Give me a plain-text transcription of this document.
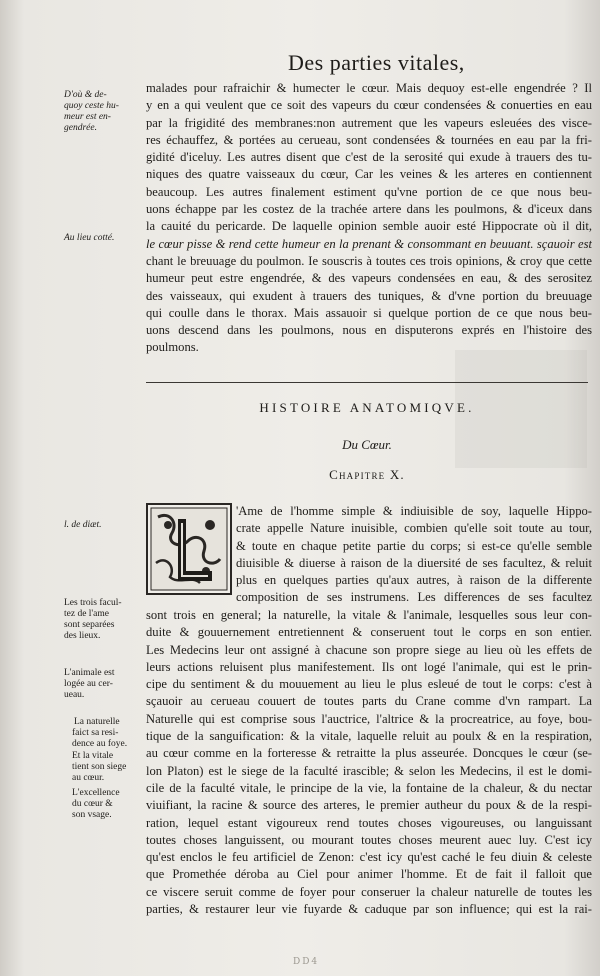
Des parties vitales,
D'où & de-
quoy ceste hu-
meur est en-
gendrée.
Au lieu cotté.
malades pour rafraichir & humecter le cœur. Mais dequoy est-elle engendrée ? Il
y en a qui veulent que ce soit des vapeurs du cœur condensées & conuerties en eau
par la frigidité des membranes:non autrement que les vapeurs esleuées des visce-
res échauffez, & portées au cerueau, sont condensées & tournées en eau par la fri-
gidité d'iceluy. Les autres disent que c'est de la serosité qui exude à trauers des tu-
niques des quatre vaisseaux du cœur, Car les veines & les arteres en contiennent
beaucoup. Les autres finalement estiment qu'vne portion de ce que nous beu-
uons échappe par les costez de la trachée artere dans les poulmons, & d'iceux dans
la cauité du pericarde. De laquelle opinion semble auoir esté Hippocrate où il dit,
le cœur pisse & rend cette humeur en la prenant & consommant en beuuant. sçauoir est
chant le breuuage du poulmon. Ie souscris à toutes ces trois opinions, & croy que cette
humeur peut estre engendrée, & des vapeurs condensées en eau, & des serositez
des vaisseaux, qui exudent à trauers des tuniques, & d'vne portion du breuuage
qui coulle dans le thorax. Mais assauoir si quelque portion de ce que nous beu-
uons descend dans les poulmons, nous en disputerons exprés en l'histoire des
poulmons.
HISTOIRE ANATOMIQVE.
Du Cœur.
Chapitre X.
l. de diæt.
Les trois facul-
tez de l'ame
sont separées
des lieux.
L'animale est
logée au cer-
ueau.
La naturelle
faict sa resi-
dence au foye.
Et la vitale
tient son siege
au cœur.
L'excellence
du cœur &
son vsage.
'Ame de l'homme simple & indiuisible de soy, laquelle Hippo-
crate appelle Nature inuisible, combien qu'elle soit toute au tour,
& toute en chaque petite partie du corps; si est-ce qu'elle semble
diuisible & diuerse à raison de la diuersité de ses facultez, & reluit
plus en quelques parties qu'aux autres, à raison de la differente
composition de ses instrumens. Les differences de ses facultez
sont trois en general; la naturelle, la vitale & l'animale, lesquelles sous leur con-
duite & gouuernement entretiennent & conseruent tout le corps en son entier.
Les Medecins leur ont assigné à chacune son propre siege au lieu où les effets de
leurs actions reluisent plus manifestement. Ils ont logé l'animale, qui est le prin-
cipe du sentiment & du mouuement au lieu le plus esleué de tout le corps: c'est à
sçauoir au cerueau couuert de toutes parts du Crane comme d'vn rampart. La
Naturelle qui est comprise sous l'auctrice, l'altrice & la procreatrice, au foye, bou-
tique de la sanguification: & la vitale, laquelle reluit au poulx & en la respiration,
au cœur comme en la forteresse & retraitte la plus asseurée. Doncques le cœur (se-
lon Platon) est le siege de la faculté irascible; & selon les Medecins, il est le domi-
cile de la faculté vitale, le principe de la vie, la fontaine de la chaleur, & du nectar
viuifiant, la racine & source des arteres, le premier autheur du poux & de la respi-
ration, lequel estant vigoureux rend toutes choses vigoureuses, ou languissant
toutes choses languissent, ou mourant toutes choses meurent auec luy. C'est icy
qu'est enclos le feu artificiel de Zenon: c'est icy qu'est caché le feu diuin & celeste
que Promethée déroba au Ciel pour animer l'homme. Et de fait il falloit que
ce viscere seruit comme de foyer pour conseruer la chaleur naturelle de toutes les
parties, & restaurer leur vie fuyarde & caduque par son influence; qui est la rai-
DD4
